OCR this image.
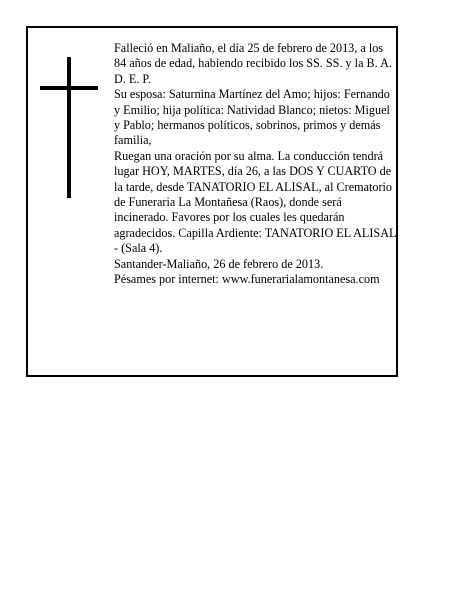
Falleció en Maliaño, el día 25 de febrero de 2013, a los 84 años de edad, habiendo recibido los SS. SS. y la B. A.

D. E. P.

Su esposa: Saturnina Martínez del Amo; hijos: Fernando y Emilio; hija política: Natividad Blanco; nietos: Miguel y Pablo; hermanos políticos, sobrinos, primos y demás familia,

Ruegan una oración por su alma. La conducción tendrá lugar HOY, MARTES, día 26, a las DOS Y CUARTO de la tarde, desde TANATORIO EL ALISAL, al Crematorio de Funeraria La Montañesa (Raos), donde será incinerado. Favores por los cuales les quedarán agradecidos. Capilla Ardiente: TANATORIO EL ALISAL - (Sala 4).

Santander-Maliaño, 26 de febrero de 2013.

Pésames por internet: www.funerarialamontanesa.com
